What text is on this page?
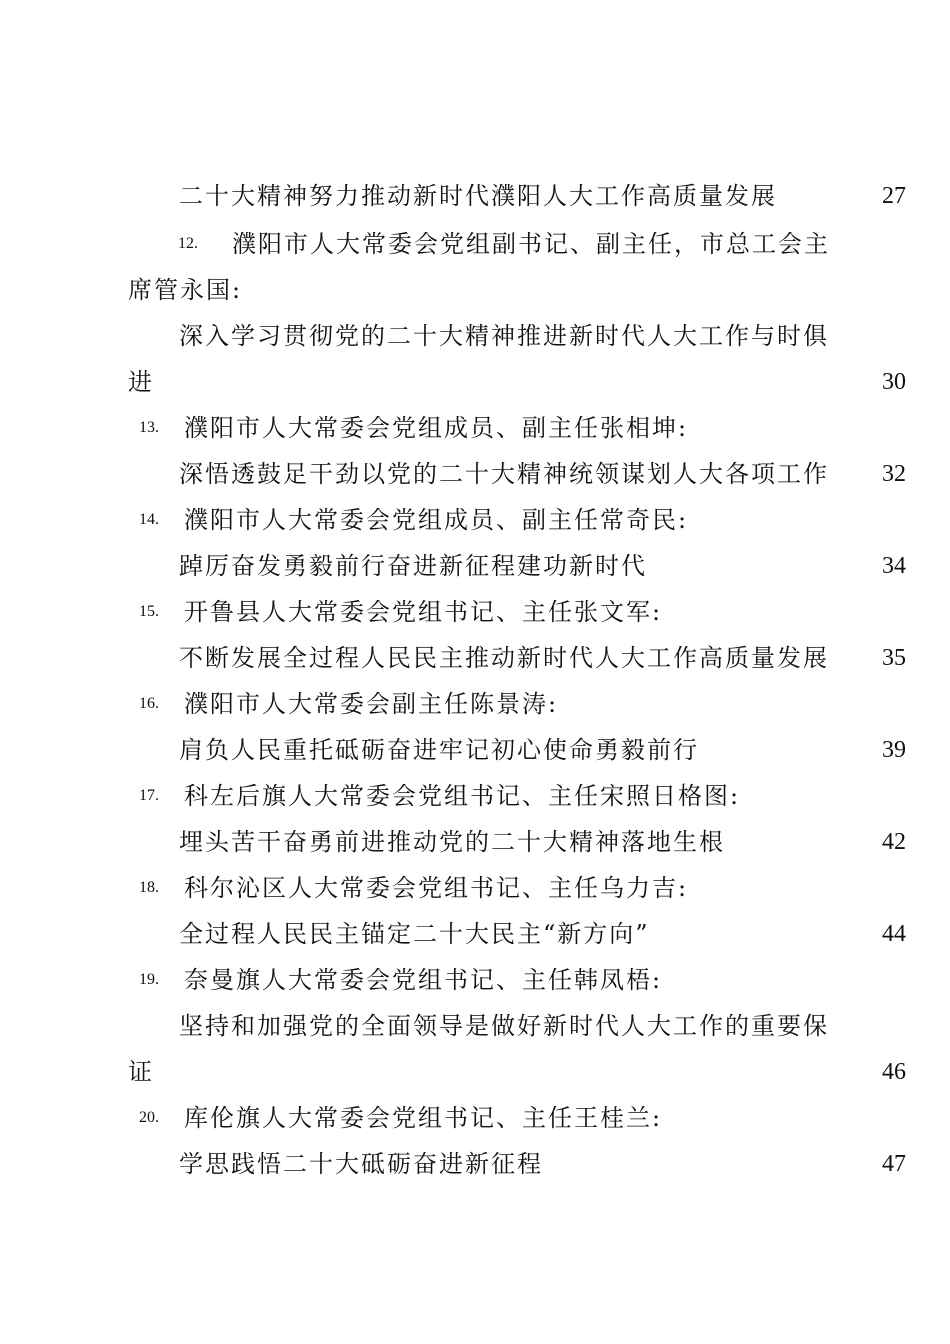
二十大精神努力推动新时代濮阳人大工作高质量发展	27
12. 濮阳市人大常委会党组副书记、副主任，市总工会主
席管永国:
深入学习贯彻党的二十大精神推进新时代人大工作与时俱
进	30
13. 濮阳市人大常委会党组成员、副主任张相坤:
深悟透鼓足干劲以党的二十大精神统领谋划人大各项工作 32
14. 濮阳市人大常委会党组成员、副主任常奇民:
踔厉奋发勇毅前行奋进新征程建功新时代	34
15. 开鲁县人大常委会党组书记、主任张文军:
不断发展全过程人民民主推动新时代人大工作高质量发展 35
16. 濮阳市人大常委会副主任陈景涛:
肩负人民重托砥砺奋进牢记初心使命勇毅前行	39
17. 科左后旗人大常委会党组书记、主任宋照日格图:
埋头苦干奋勇前进推动党的二十大精神落地生根	42
18. 科尔沁区人大常委会党组书记、主任乌力吉:
全过程人民民主锚定二十大民主“新方向”	44
19. 奈曼旗人大常委会党组书记、主任韩凤梧:
坚持和加强党的全面领导是做好新时代人大工作的重要保
证	46
20. 库伦旗人大常委会党组书记、主任王桂兰:
学思践悟二十大砥砺奋进新征程	47
